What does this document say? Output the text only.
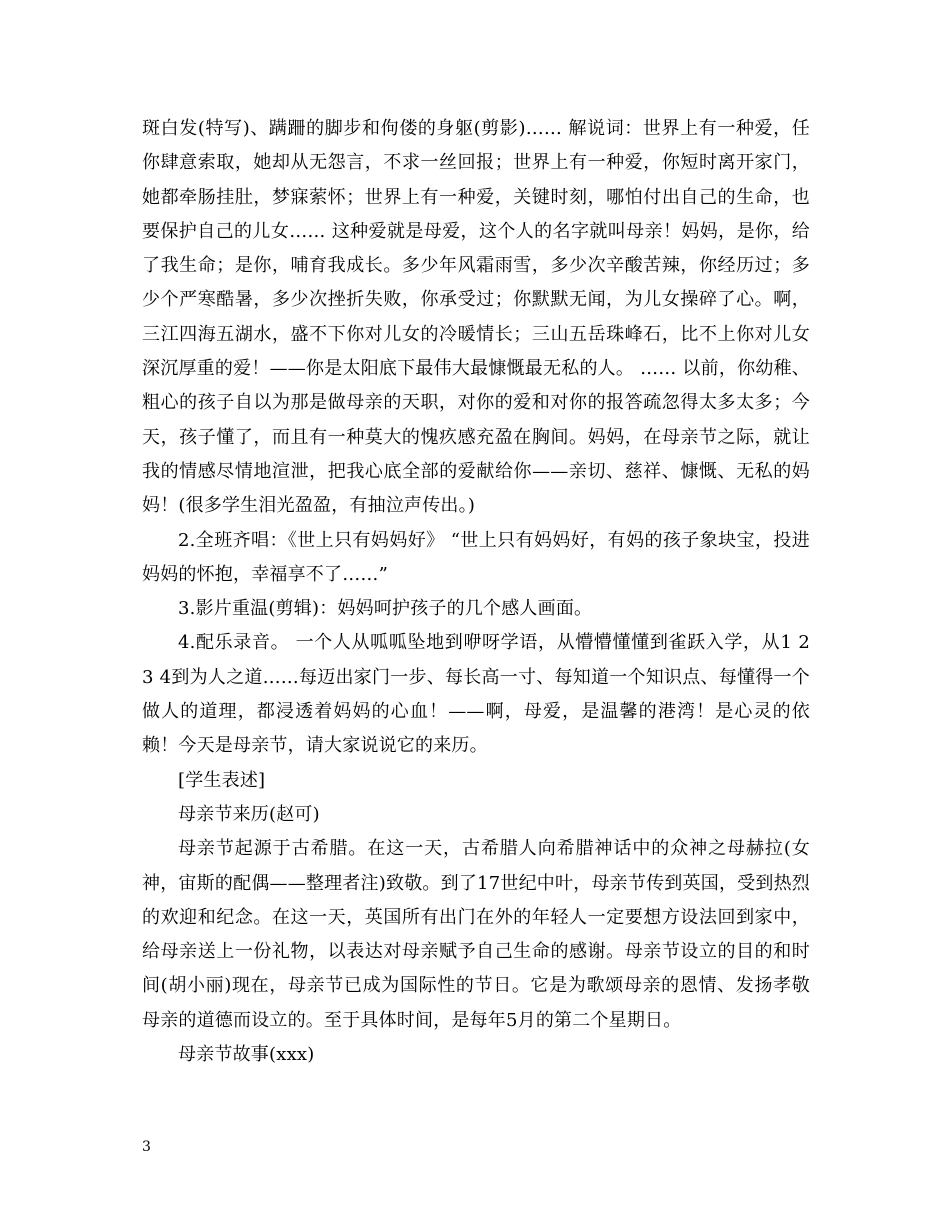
斑白发(特写)、蹒跚的脚步和佝偻的身躯(剪影)…… 解说词：世界上有一种爱，任你肆意索取，她却从无怨言，不求一丝回报；世界上有一种爱，你短时离开家门，她都牵肠挂肚，梦寐萦怀；世界上有一种爱，关键时刻，哪怕付出自己的生命，也要保护自己的儿女…… 这种爱就是母爱，这个人的名字就叫母亲！妈妈，是你，给了我生命；是你，哺育我成长。多少年风霜雨雪，多少次辛酸苦辣，你经历过；多少个严寒酷暑，多少次挫折失败，你承受过；你默默无闻，为儿女操碎了心。啊，三江四海五湖水，盛不下你对儿女的冷暖情长；三山五岳珠峰石，比不上你对儿女深沉厚重的爱！——你是太阳底下最伟大最慷慨最无私的人。 …… 以前，你幼稚、粗心的孩子自以为那是做母亲的天职，对你的爱和对你的报答疏忽得太多太多；今天，孩子懂了，而且有一种莫大的愧疚感充盈在胸间。妈妈，在母亲节之际，就让我的情感尽情地渲泄，把我心底全部的爱献给你——亲切、慈祥、慷慨、无私的妈妈！(很多学生泪光盈盈，有抽泣声传出。)

2.全班齐唱：《世上只有妈妈好》 “世上只有妈妈好，有妈的孩子象块宝，投进妈妈的怀抱，幸福享不了……”

3.影片重温(剪辑)：妈妈呵护孩子的几个感人画面。

4.配乐录音。 一个人从呱呱坠地到咿呀学语，从懵懵懂懂到雀跃入学，从1 2 3 4到为人之道……每迈出家门一步、每长高一寸、每知道一个知识点、每懂得一个做人的道理，都浸透着妈妈的心血！——啊，母爱，是温馨的港湾！是心灵的依赖！今天是母亲节，请大家说说它的来历。

[学生表述]

母亲节来历(赵可)

母亲节起源于古希腊。在这一天，古希腊人向希腊神话中的众神之母赫拉(女神，宙斯的配偶——整理者注)致敬。到了17世纪中叶，母亲节传到英国，受到热烈的欢迎和纪念。在这一天，英国所有出门在外的年轻人一定要想方设法回到家中，给母亲送上一份礼物，以表达对母亲赋予自己生命的感谢。母亲节设立的目的和时间(胡小丽)现在，母亲节已成为国际性的节日。它是为歌颂母亲的恩情、发扬孝敬母亲的道德而设立的。至于具体时间，是每年5月的第二个星期日。

母亲节故事(xxx)

3
